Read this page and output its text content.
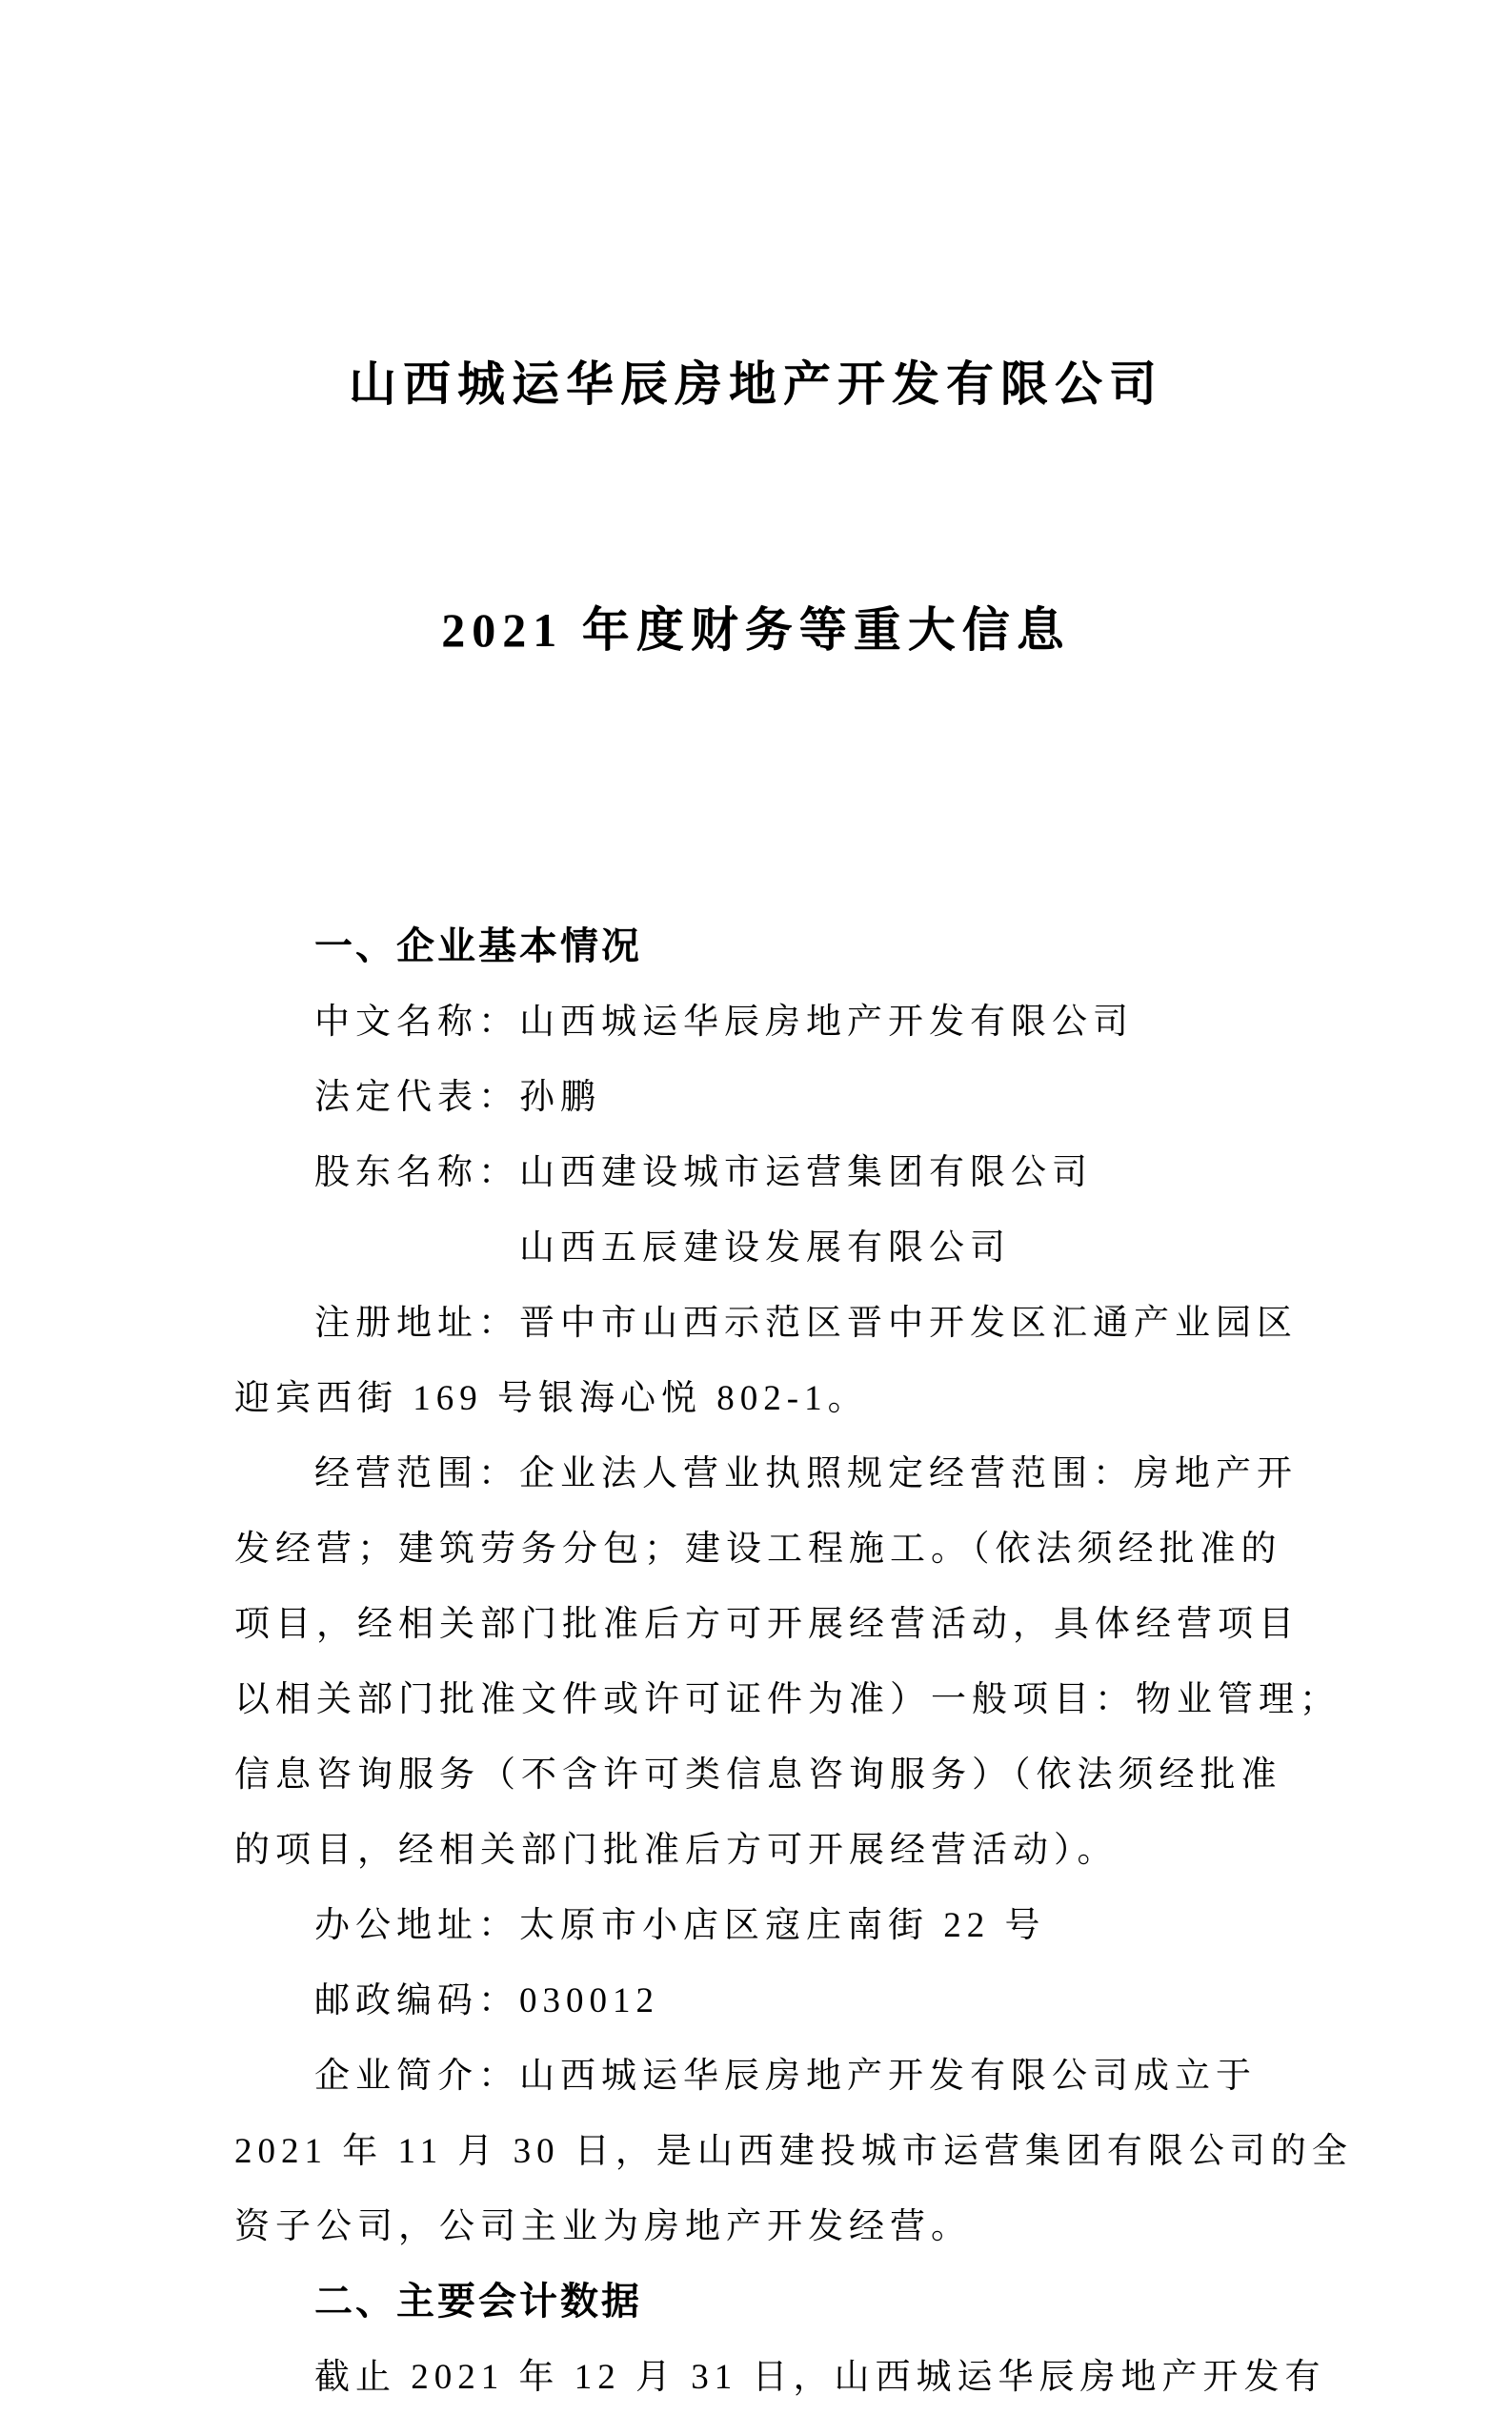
山西城运华辰房地产开发有限公司

2021 年度财务等重大信息

一、企业基本情况
中文名称：山西城运华辰房地产开发有限公司
法定代表：孙鹏
股东名称：山西建设城市运营集团有限公司
山西五辰建设发展有限公司
注册地址：晋中市山西示范区晋中开发区汇通产业园区
迎宾西街 169 号银海心悦 802-1。
经营范围：企业法人营业执照规定经营范围：房地产开
发经营；建筑劳务分包；建设工程施工。（依法须经批准的
项目，经相关部门批准后方可开展经营活动，具体经营项目
以相关部门批准文件或许可证件为准）一般项目：物业管理；
信息咨询服务（不含许可类信息咨询服务）（依法须经批准
的项目，经相关部门批准后方可开展经营活动）。
办公地址：太原市小店区寇庄南街 22 号
邮政编码：030012
企业简介：山西城运华辰房地产开发有限公司成立于
2021 年 11 月 30 日，是山西建投城市运营集团有限公司的全
资子公司，公司主业为房地产开发经营。
二、主要会计数据
截止 2021 年 12 月 31 日，山西城运华辰房地产开发有
